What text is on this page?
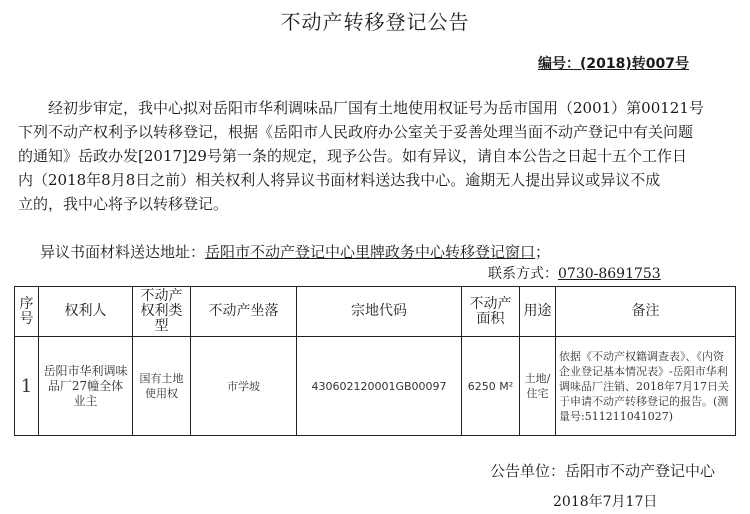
不动产转移登记公告
编号：(2018)转007号
　　经初步审定，我中心拟对岳阳市华利调味品厂国有土地使用权证号为岳市国用（2001）第00121号
下列不动产权利予以转移登记，根据《岳阳市人民政府办公室关于妥善处理当面不动产登记中有关问题
的通知》岳政办发[2017]29号第一条的规定，现予公告。如有异议，请自本公告之日起十五个工作日
内（2018年8月8日之前）相关权利人将异议书面材料送达我中心。逾期无人提出异议或异议不成
立的，我中心将予以转移登记。
异议书面材料送达地址：岳阳市不动产登记中心里牌政务中心转移登记窗口；
联系方式：0730-8691753
序号	权利人	不动产权利类型	不动产坐落	宗地代码	不动产面积	用途	备注
1	岳阳市华利调味品厂27幢全体业主	国有土地使用权	市学坡	430602120001GB00097	6250 M²	土地/住宅	依据《不动产权籍调查表》、《内资企业登记基本情况表》-岳阳市华利调味品厂注销、2018年7月17日关于申请不动产转移登记的报告。(测量号:511211041027)
公告单位：岳阳市不动产登记中心
2018年7月17日
